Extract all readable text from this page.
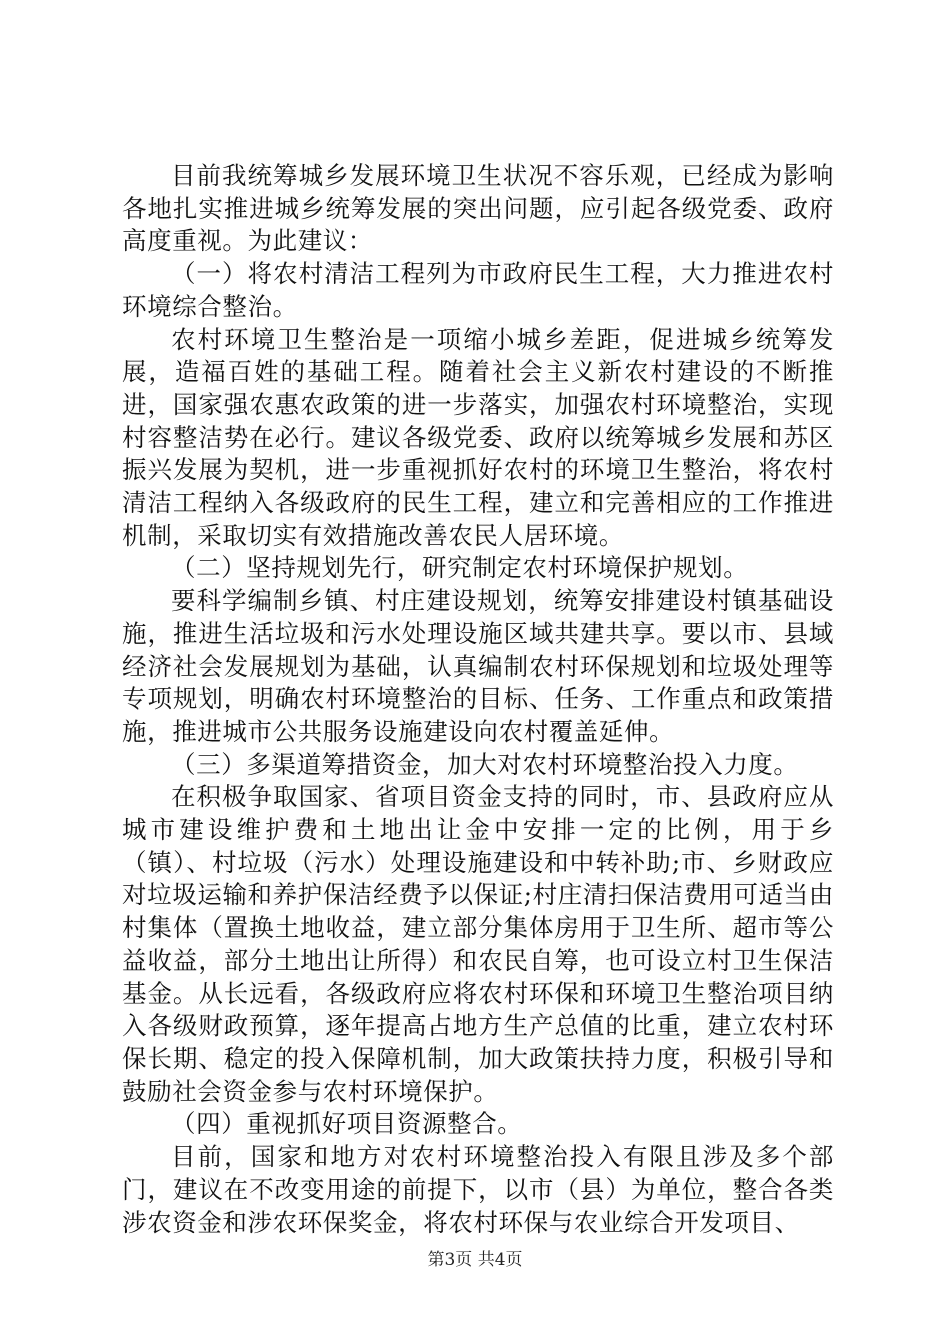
目前我统筹城乡发展环境卫生状况不容乐观，已经成为影响各地扎实推进城乡统筹发展的突出问题，应引起各级党委、政府高度重视。为此建议：

（一）将农村清洁工程列为市政府民生工程，大力推进农村环境综合整治。

农村环境卫生整治是一项缩小城乡差距，促进城乡统筹发展，造福百姓的基础工程。随着社会主义新农村建设的不断推进，国家强农惠农政策的进一步落实，加强农村环境整治，实现村容整洁势在必行。建议各级党委、政府以统筹城乡发展和苏区振兴发展为契机，进一步重视抓好农村的环境卫生整治，将农村清洁工程纳入各级政府的民生工程，建立和完善相应的工作推进机制，采取切实有效措施改善农民人居环境。

（二）坚持规划先行，研究制定农村环境保护规划。

要科学编制乡镇、村庄建设规划，统筹安排建设村镇基础设施，推进生活垃圾和污水处理设施区域共建共享。要以市、县域经济社会发展规划为基础，认真编制农村环保规划和垃圾处理等专项规划，明确农村环境整治的目标、任务、工作重点和政策措施，推进城市公共服务设施建设向农村覆盖延伸。

（三）多渠道筹措资金，加大对农村环境整治投入力度。

在积极争取国家、省项目资金支持的同时，市、县政府应从城市建设维护费和土地出让金中安排一定的比例，用于乡（镇）、村垃圾（污水）处理设施建设和中转补助;市、乡财政应对垃圾运输和养护保洁经费予以保证;村庄清扫保洁费用可适当由村集体（置换土地收益，建立部分集体房用于卫生所、超市等公益收益，部分土地出让所得）和农民自筹，也可设立村卫生保洁基金。从长远看，各级政府应将农村环保和环境卫生整治项目纳入各级财政预算，逐年提高占地方生产总值的比重，建立农村环保长期、稳定的投入保障机制，加大政策扶持力度，积极引导和鼓励社会资金参与农村环境保护。

（四）重视抓好项目资源整合。

目前，国家和地方对农村环境整治投入有限且涉及多个部门，建议在不改变用途的前提下，以市（县）为单位，整合各类涉农资金和涉农环保奖金，将农村环保与农业综合开发项目、

第3页 共4页
